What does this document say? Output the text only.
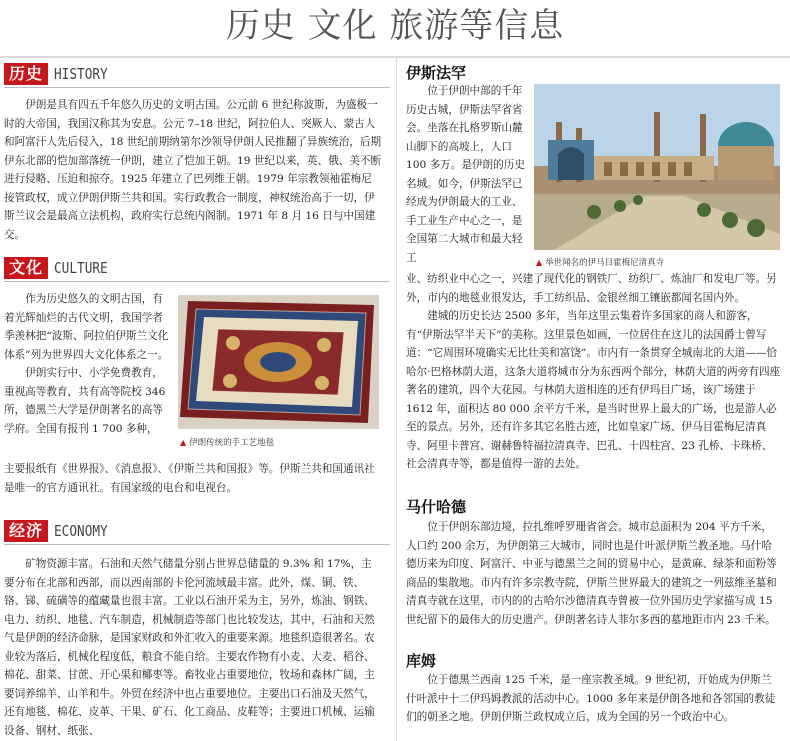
历史 文化 旅游等信息
历史 HISTORY

伊朗是具有四五千年悠久历史的文明古国。公元前 6 世纪称波斯，为盛极一时的大帝国，我国汉称其为安息。公元 7–18 世纪，阿拉伯人、突厥人、蒙古人和阿富汗人先后侵入，18 世纪前期纳第尔沙领导伊朗人民推翻了异族统治，后期伊东北部的恺加部落统一伊朗，建立了恺加王朝。19 世纪以来，英、俄、美不断进行侵略、压迫和掠夺。1925 年建立了巴列维王朝。1979 年宗教领袖霍梅尼接管政权，成立伊朗伊斯兰共和国。实行政教合一制度，神权统治高于一切，伊斯兰议会是最高立法机构，政府实行总统内阁制。1971 年 8 月 16 日与中国建交。

文化 CULTURE

作为历史悠久的文明古国，有着光辉灿烂的古代文明，我国学者季羡林把“波斯、阿拉伯伊斯兰文化体系”列为世界四大文化体系之一。

伊朗实行中、小学免费教育，重视高等教育，共有高等院校 346 所，德黑兰大学是伊朗著名的高等学府。全国有报刊 1 700 多种，

▲ 伊朗传统的手工艺地毯

主要报纸有《世界报》、《消息报》、《伊斯兰共和国报》等。伊斯兰共和国通讯社是唯一的官方通讯社。有国家级的电台和电视台。

经济 ECONOMY

矿物资源丰富。石油和天然气储量分别占世界总储量的 9.3% 和 17%，主要分布在北部和西部，而以西南部的卡伦河流域最丰富。此外，煤、铜、铁、铬、锑、硫磺等的蕴藏量也很丰富。工业以石油开采为主，另外，炼油、钢铁、电力、纺织、地毯、汽车制造，机械制造等部门也比较发达，其中，石油和天然气是伊朗的经济命脉，是国家财政和外汇收入的重要来源。地毯织造很著名。农业较为落后，机械化程度低，粮食不能自给。主要农作物有小麦、大麦、稻谷、棉花、甜菜、甘蔗、开心果和椰枣等。畜牧业占重要地位，牧场和森林广阔，主要饲养绵羊、山羊和牛。外贸在经济中也占重要地位。主要出口石油及天然气，还有地毯、棉花、皮革、干果、矿石、化工商品、皮鞋等；主要进口机械、运输设备、钢材、纸张、

伊斯法罕

位于伊朗中部的千年历史古城，伊斯法罕省省会。坐落在扎格罗斯山麓山脚下的高坡上，人口 100 多万。是伊朗的历史名城。如今，伊斯法罕已经成为伊朗最大的工业、手工业生产中心之一，是全国第二大城市和最大轻工	▲ 举世闻名的伊马目霍梅尼清真寺

业、纺织业中心之一，兴建了现代化的钢铁厂、纺织厂、炼油厂和发电厂等。另外，市内的地毯业很发达，手工纺织品、金银丝细工镶嵌都闻名国内外。

建城的历史长达 2500 多年，当年这里云集着许多国家的商人和游客，有“伊斯法罕半天下”的美称。这里景色如画，一位居住在这儿的法国爵士曾写道：“它周围环境确实无比壮美和富饶”。市内有一条贯穿全城南北的大道——恰哈尔·巴格林荫大道，这条大道将城市分为东西两个部分，林荫大道的两旁有四座著名的建筑，四个大花园。与林荫大道相连的还有伊玛目广场，该广场建于 1612 年，面积达 80 000 余平方千米，是当时世界上最大的广场，也是游人必至的景点。另外，还有许多其它名胜古迹，比如皇家广场、伊马目霍梅尼清真寺、阿里卡普宫、谢赫鲁特福拉清真寺、巴孔、十四柱宫、23 孔桥、卡珠桥、社会清真寺等，都是值得一游的去处。

马什哈德

位于伊朗东部边境，拉扎维呼罗珊省省会。城市总面积为 204 平方千米，人口约 200 余万，为伊朗第三大城市，同时也是什叶派伊斯兰教圣地。马什哈德历来为印度、阿富汗、中亚与德黑兰之间的贸易中心，是黄麻、绿茶和面粉等商品的集散地。市内有许多宗教寺院，伊斯兰世界最大的建筑之一列兹维圣墓和清真寺就在这里，市内的的古哈尔沙德清真寺曾被一位外国历史学家描写成 15 世纪留下的最伟大的历史遗产。伊朗著名诗人菲尔多西的墓地距市内 23 千米。

库姆

位于德黑兰西南 125 千米，是一座宗教圣城。9 世纪初，开始成为伊斯兰什叶派中十二伊玛姆教派的活动中心。1000 多年来是伊朗各地和各邻国的教徒们的朝圣之地。伊朗伊斯兰政权成立后，成为全国的另一个政治中心。
